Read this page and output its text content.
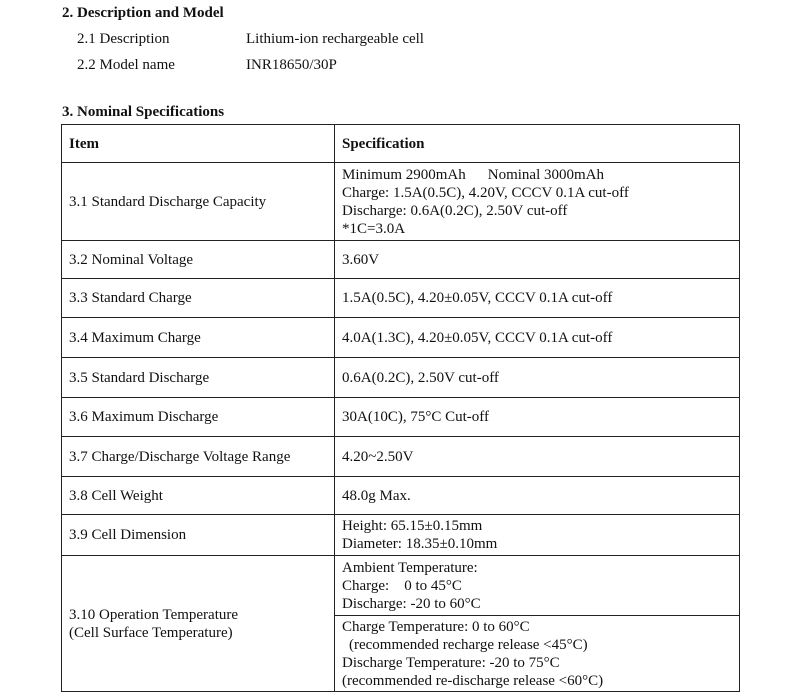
2. Description and Model
2.1 Description	Lithium-ion rechargeable cell
2.2 Model name	INR18650/30P
3. Nominal Specifications
Item	Specification
3.1 Standard Discharge Capacity	Minimum 2900mAh Nominal 3000mAh
Charge: 1.5A(0.5C), 4.20V, CCCV 0.1A cut-off
Discharge: 0.6A(0.2C), 2.50V cut-off
*1C=3.0A

3.2 Nominal Voltage	3.60V
3.3 Standard Charge	1.5A(0.5C), 4.20±0.05V, CCCV 0.1A cut-off
3.4 Maximum Charge	4.0A(1.3C), 4.20±0.05V, CCCV 0.1A cut-off
3.5 Standard Discharge	0.6A(0.2C), 2.50V cut-off
3.6 Maximum Discharge	30A(10C), 75°C Cut-off
3.7 Charge/Discharge Voltage Range	4.20~2.50V
3.8 Cell Weight	48.0g Max.
3.9 Cell Dimension	Height: 65.15±0.15mm
Diameter: 18.35±0.10mm

3.10 Operation Temperature
(Cell Surface Temperature)	Ambient Temperature:
Charge:    0 to 45°C
Discharge: -20 to 60°C

	Charge Temperature: 0 to 60°C
(recommended recharge release <45°C)
Discharge Temperature: -20 to 75°C
(recommended re-discharge release <60°C)
